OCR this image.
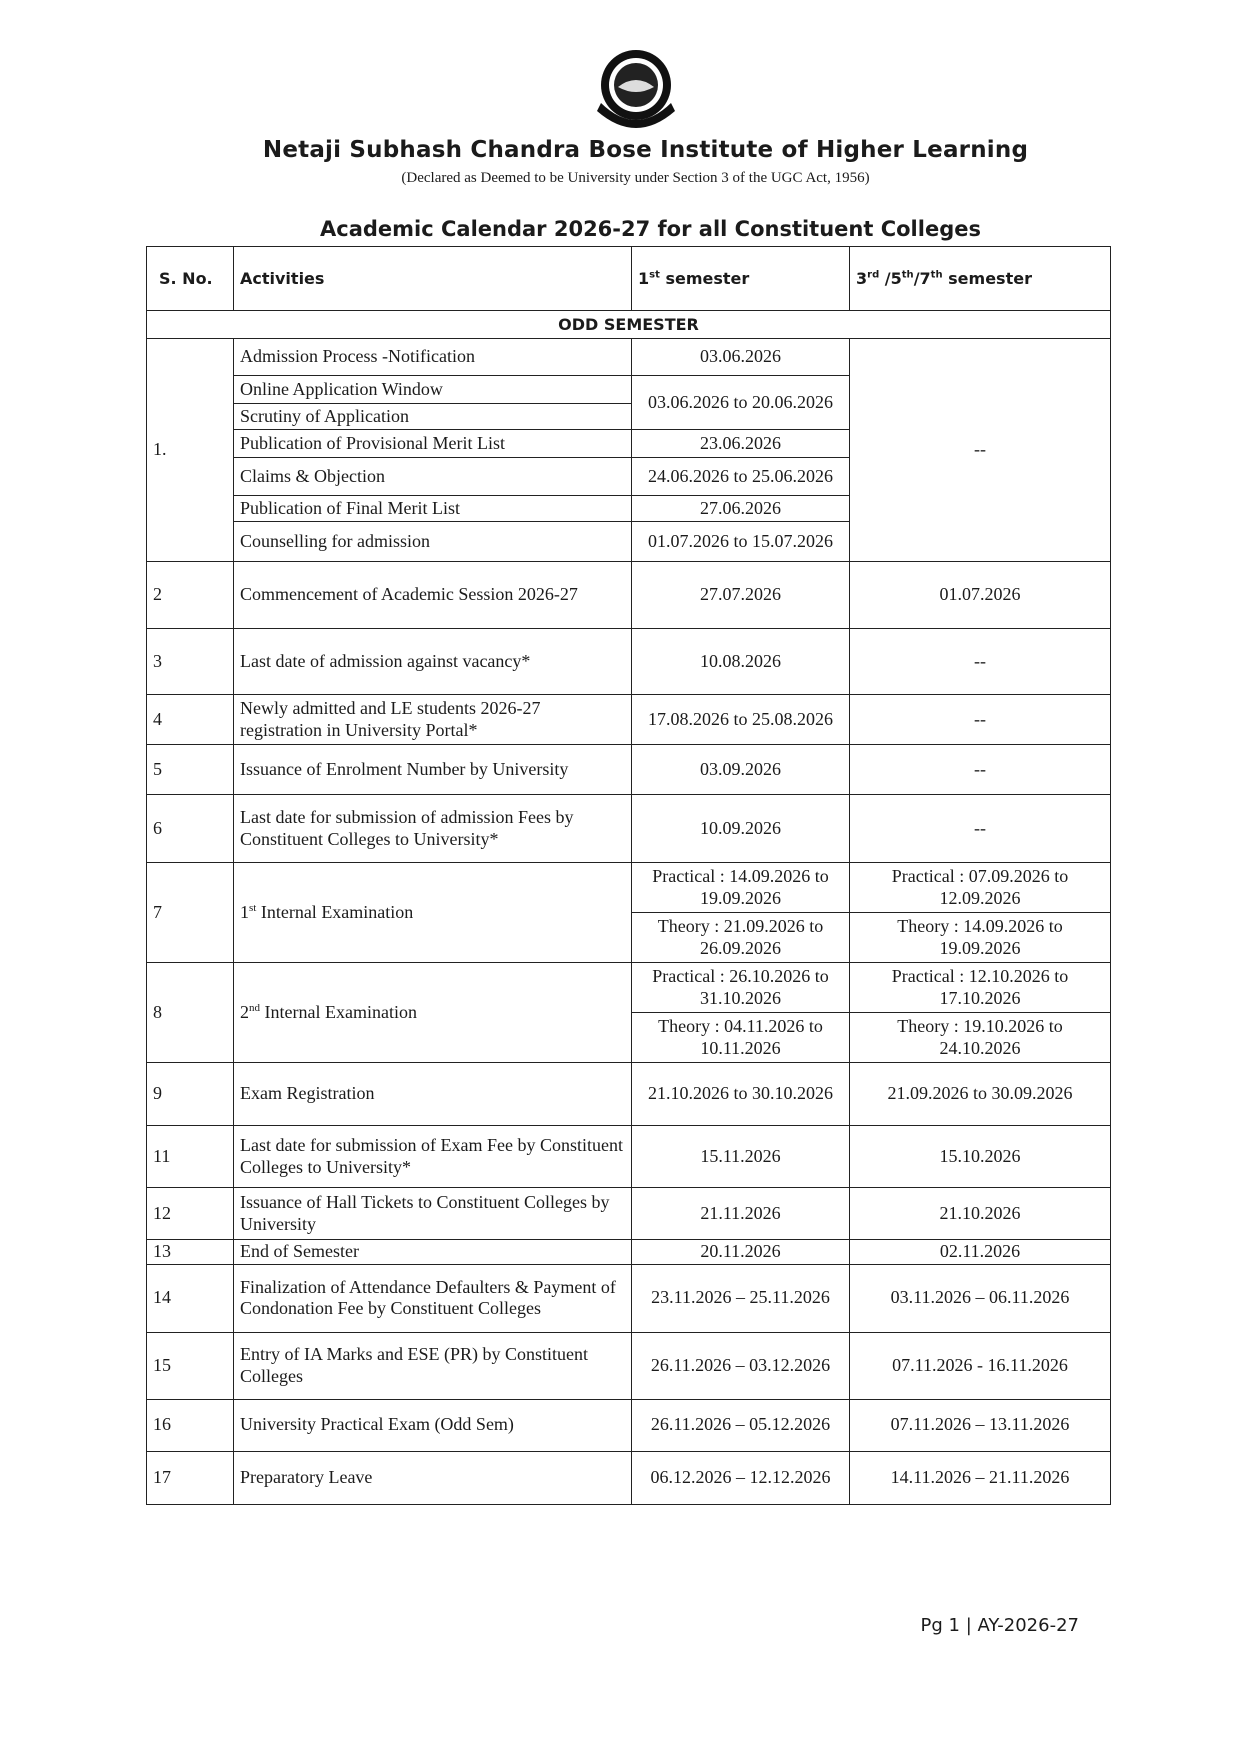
Netaji Subhash Chandra Bose Institute of Higher Learning
(Declared as Deemed to be University under Section 3 of the UGC Act, 1956)
Academic Calendar 2026-27 for all Constituent Colleges
S. No.	Activities	1st semester	3rd /5th/7th semester
ODD SEMESTER			
1.	Admission Process -Notification	03.06.2026	--
	Online Application Window	03.06.2026 to 20.06.2026	
	Scrutiny of Application		
	Publication of Provisional Merit List	23.06.2026	
	Claims & Objection	24.06.2026 to 25.06.2026	
	Publication of Final Merit List	27.06.2026	
	Counselling for admission	01.07.2026 to 15.07.2026	
2	Commencement of Academic Session 2026-27	27.07.2026	01.07.2026
3	Last date of admission against vacancy*	10.08.2026	--
4	Newly admitted and LE students 2026-27 registration in University Portal*	17.08.2026 to 25.08.2026	--
5	Issuance of Enrolment Number by University	03.09.2026	--
6	Last date for submission of admission Fees by Constituent Colleges to University*	10.09.2026	--
7	1st Internal Examination	Practical : 14.09.2026 to 19.09.2026	Practical : 07.09.2026 to 12.09.2026
		Theory : 21.09.2026 to 26.09.2026	Theory : 14.09.2026 to 19.09.2026
8	2nd Internal Examination	Practical : 26.10.2026 to 31.10.2026	Practical : 12.10.2026 to 17.10.2026
		Theory : 04.11.2026 to 10.11.2026	Theory : 19.10.2026 to 24.10.2026
9	Exam Registration	21.10.2026 to 30.10.2026	21.09.2026 to 30.09.2026
11	Last date for submission of Exam Fee by Constituent Colleges to University*	15.11.2026	15.10.2026
12	Issuance of Hall Tickets to Constituent Colleges by University	21.11.2026	21.10.2026
13	End of Semester	20.11.2026	02.11.2026
14	Finalization of Attendance Defaulters & Payment of Condonation Fee by Constituent Colleges	23.11.2026 – 25.11.2026	03.11.2026 – 06.11.2026
15	Entry of IA Marks and ESE (PR) by Constituent Colleges	26.11.2026 – 03.12.2026	07.11.2026 - 16.11.2026
16	University Practical Exam (Odd Sem)	26.11.2026 – 05.12.2026	07.11.2026 – 13.11.2026
17	Preparatory Leave	06.12.2026 – 12.12.2026	14.11.2026 – 21.11.2026
Pg 1 | AY-2026-27
